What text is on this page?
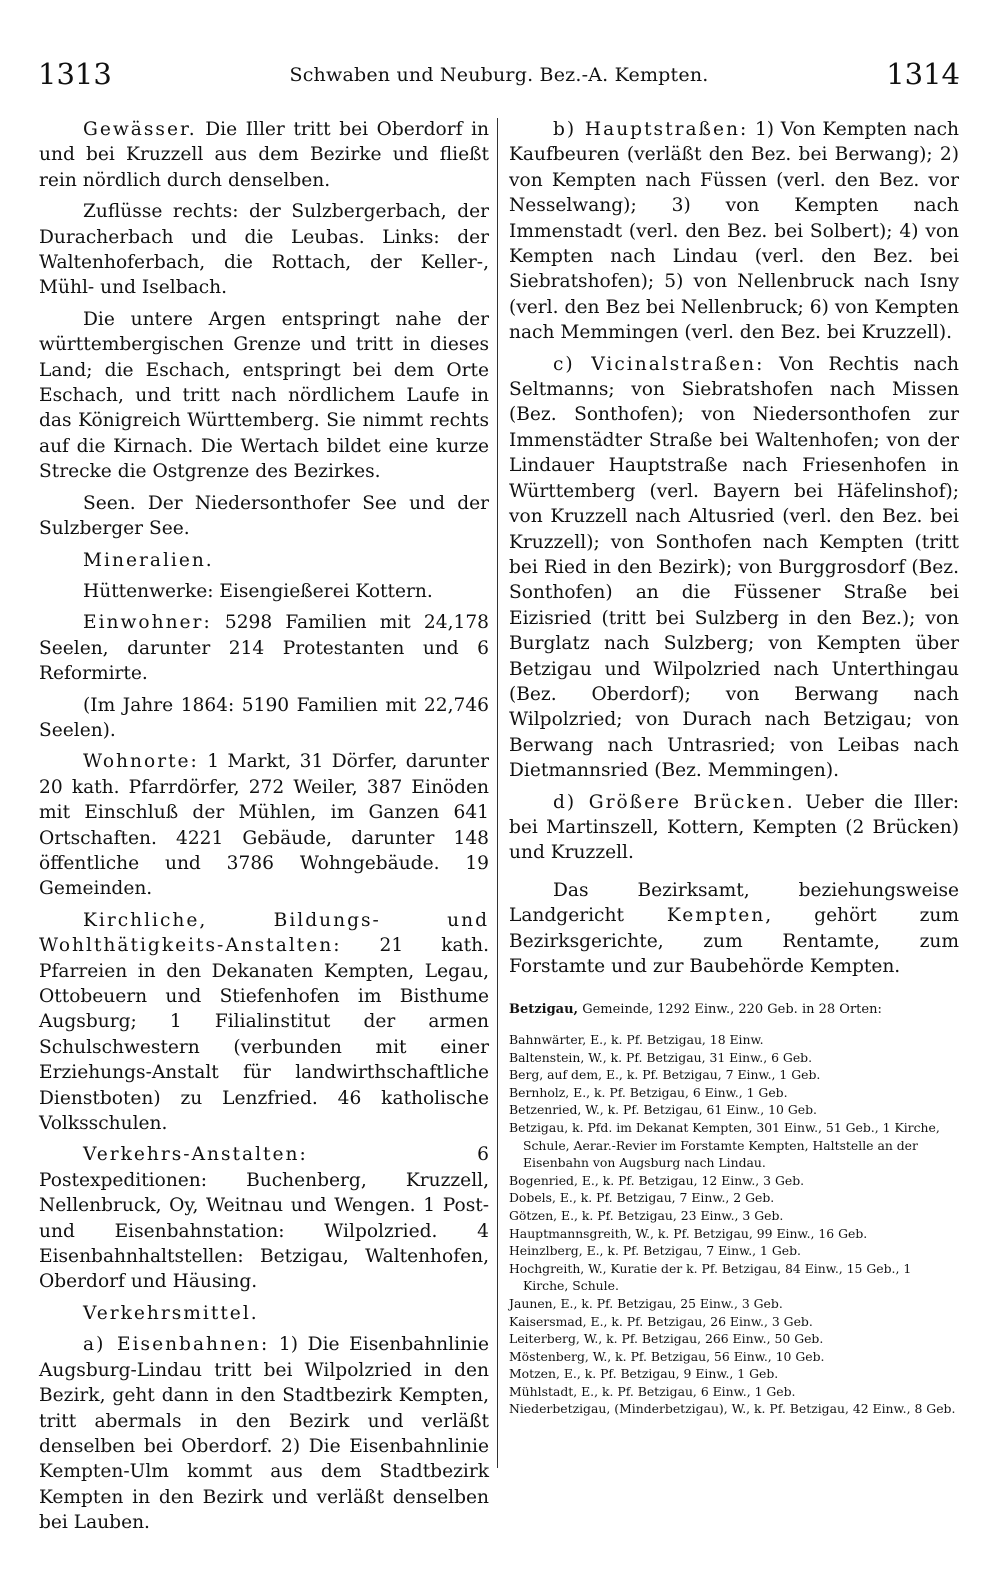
1313	Schwaben und Neuburg. Bez.-A. Kempten.	1314

Gewässer. Die Iller tritt bei Oberdorf in und bei Kruzzell aus dem Bezirke und fließt rein nördlich durch denselben.

Zuflüsse rechts: der Sulzbergerbach, der Duracherbach und die Leubas. Links: der Waltenhoferbach, die Rottach, der Keller-, Mühl- und Iselbach.

Die untere Argen entspringt nahe der württembergischen Grenze und tritt in dieses Land; die Eschach, entspringt bei dem Orte Eschach, und tritt nach nördlichem Laufe in das Königreich Württemberg. Sie nimmt rechts auf die Kirnach. Die Wertach bildet eine kurze Strecke die Ostgrenze des Bezirkes.

Seen. Der Niedersonthofer See und der Sulzberger See.

Mineralien.

Hüttenwerke: Eisengießerei Kottern.

Einwohner: 5298 Familien mit 24,178 Seelen, darunter 214 Protestanten und 6 Reformirte.

(Im Jahre 1864: 5190 Familien mit 22,746 Seelen).

Wohnorte: 1 Markt, 31 Dörfer, darunter 20 kath. Pfarrdörfer, 272 Weiler, 387 Einöden mit Einschluß der Mühlen, im Ganzen 641 Ortschaften. 4221 Gebäude, darunter 148 öffentliche und 3786 Wohngebäude. 19 Gemeinden.

Kirchliche, Bildungs- und Wohlthätigkeits-Anstalten: 21 kath. Pfarreien in den Dekanaten Kempten, Legau, Ottobeuern und Stiefenhofen im Bisthume Augsburg; 1 Filialinstitut der armen Schulschwestern (verbunden mit einer Erziehungs-Anstalt für landwirthschaftliche Dienstboten) zu Lenzfried. 46 katholische Volksschulen.

Verkehrs-Anstalten: 6 Postexpeditionen: Buchenberg, Kruzzell, Nellenbruck, Oy, Weitnau und Wengen. 1 Post- und Eisenbahnstation: Wilpolzried. 4 Eisenbahnhaltstellen: Betzigau, Waltenhofen, Oberdorf und Häusing.

Verkehrsmittel.

a) Eisenbahnen: 1) Die Eisenbahnlinie Augsburg-Lindau tritt bei Wilpolzried in den Bezirk, geht dann in den Stadtbezirk Kempten, tritt abermals in den Bezirk und verläßt denselben bei Oberdorf. 2) Die Eisenbahnlinie Kempten-Ulm kommt aus dem Stadtbezirk Kempten in den Bezirk und verläßt denselben bei Lauben.

b) Hauptstraßen: 1) Von Kempten nach Kaufbeuren (verläßt den Bez. bei Berwang); 2) von Kempten nach Füssen (verl. den Bez. vor Nesselwang); 3) von Kempten nach Immenstadt (verl. den Bez. bei Solbert); 4) von Kempten nach Lindau (verl. den Bez. bei Siebratshofen); 5) von Nellenbruck nach Isny (verl. den Bez bei Nellenbruck; 6) von Kempten nach Memmingen (verl. den Bez. bei Kruzzell).

c) Vicinalstraßen: Von Rechtis nach Seltmanns; von Siebratshofen nach Missen (Bez. Sonthofen); von Niedersonthofen zur Immenstädter Straße bei Waltenhofen; von der Lindauer Hauptstraße nach Friesenhofen in Württemberg (verl. Bayern bei Häfelinshof); von Kruzzell nach Altusried (verl. den Bez. bei Kruzzell); von Sonthofen nach Kempten (tritt bei Ried in den Bezirk); von Burggrosdorf (Bez. Sonthofen) an die Füssener Straße bei Eizisried (tritt bei Sulzberg in den Bez.); von Burglatz nach Sulzberg; von Kempten über Betzigau und Wilpolzried nach Unterthingau (Bez. Oberdorf); von Berwang nach Wilpolzried; von Durach nach Betzigau; von Berwang nach Untrasried; von Leibas nach Dietmannsried (Bez. Memmingen).

d) Größere Brücken. Ueber die Iller: bei Martinszell, Kottern, Kempten (2 Brücken) und Kruzzell.

Das Bezirksamt, beziehungsweise Landgericht Kempten, gehört zum Bezirksgerichte, zum Rentamte, zum Forstamte und zur Baubehörde Kempten.

Betzigau, Gemeinde, 1292 Einw., 220 Geb. in 28 Orten:

Bahnwärter, E., k. Pf. Betzigau, 18 Einw.

Baltenstein, W., k. Pf. Betzigau, 31 Einw., 6 Geb.

Berg, auf dem, E., k. Pf. Betzigau, 7 Einw., 1 Geb.

Bernholz, E., k. Pf. Betzigau, 6 Einw., 1 Geb.

Betzenried, W., k. Pf. Betzigau, 61 Einw., 10 Geb.

Betzigau, k. Pfd. im Dekanat Kempten, 301 Einw., 51 Geb., 1 Kirche, Schule, Aerar.-Revier im Forstamte Kempten, Haltstelle an der Eisenbahn von Augsburg nach Lindau.

Bogenried, E., k. Pf. Betzigau, 12 Einw., 3 Geb.

Dobels, E., k. Pf. Betzigau, 7 Einw., 2 Geb.

Götzen, E., k. Pf. Betzigau, 23 Einw., 3 Geb.

Hauptmannsgreith, W., k. Pf. Betzigau, 99 Einw., 16 Geb.

Heinzlberg, E., k. Pf. Betzigau, 7 Einw., 1 Geb.

Hochgreith, W., Kuratie der k. Pf. Betzigau, 84 Einw., 15 Geb., 1 Kirche, Schule.

Jaunen, E., k. Pf. Betzigau, 25 Einw., 3 Geb.

Kaisersmad, E., k. Pf. Betzigau, 26 Einw., 3 Geb.

Leiterberg, W., k. Pf. Betzigau, 266 Einw., 50 Geb.

Möstenberg, W., k. Pf. Betzigau, 56 Einw., 10 Geb.

Motzen, E., k. Pf. Betzigau, 9 Einw., 1 Geb.

Mühlstadt, E., k. Pf. Betzigau, 6 Einw., 1 Geb.

Niederbetzigau, (Minderbetzigau), W., k. Pf. Betzigau, 42 Einw., 8 Geb.
